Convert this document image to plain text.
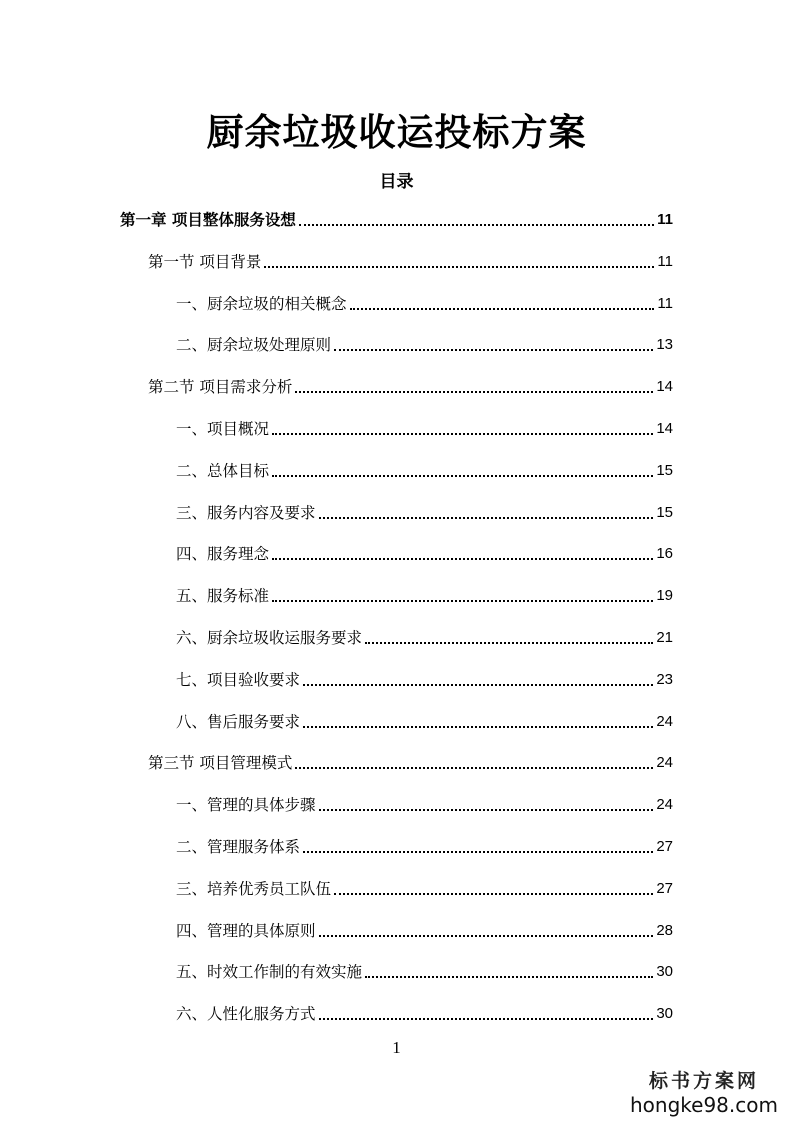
厨余垃圾收运投标方案
目录
第一章 项目整体服务设想	11
第一节 项目背景	11
一、厨余垃圾的相关概念	11
二、厨余垃圾处理原则	13
第二节 项目需求分析	14
一、项目概况	14
二、总体目标	15
三、服务内容及要求	15
四、服务理念	16
五、服务标准	19
六、厨余垃圾收运服务要求	21
七、项目验收要求	23
八、售后服务要求	24
第三节 项目管理模式	24
一、管理的具体步骤	24
二、管理服务体系	27
三、培养优秀员工队伍	27
四、管理的具体原则	28
五、时效工作制的有效实施	30
六、人性化服务方式	30
1
标书方案网
hongke98.com
